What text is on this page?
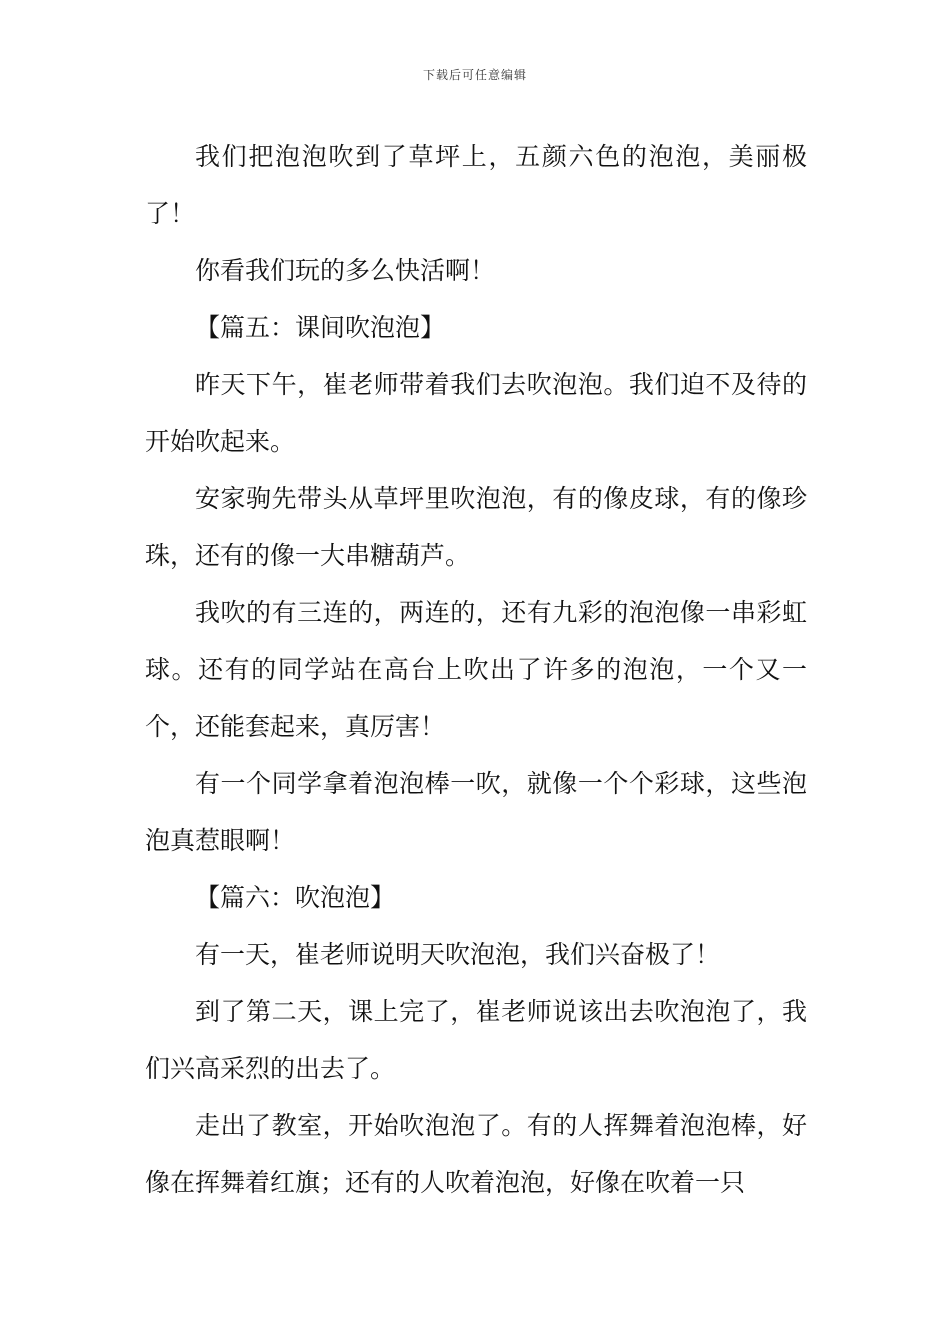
下载后可任意编辑

我们把泡泡吹到了草坪上，五颜六色的泡泡，美丽极了！

你看我们玩的多么快活啊！

【篇五：课间吹泡泡】

昨天下午，崔老师带着我们去吹泡泡。我们迫不及待的开始吹起来。

安家驹先带头从草坪里吹泡泡，有的像皮球，有的像珍珠，还有的像一大串糖葫芦。

我吹的有三连的，两连的，还有九彩的泡泡像一串彩虹球。还有的同学站在高台上吹出了许多的泡泡，一个又一个，还能套起来，真厉害！

有一个同学拿着泡泡棒一吹，就像一个个彩球，这些泡泡真惹眼啊！

【篇六：吹泡泡】

有一天，崔老师说明天吹泡泡，我们兴奋极了！

到了第二天，课上完了，崔老师说该出去吹泡泡了，我们兴高采烈的出去了。

走出了教室，开始吹泡泡了。有的人挥舞着泡泡棒，好像在挥舞着红旗；还有的人吹着泡泡，好像在吹着一只
